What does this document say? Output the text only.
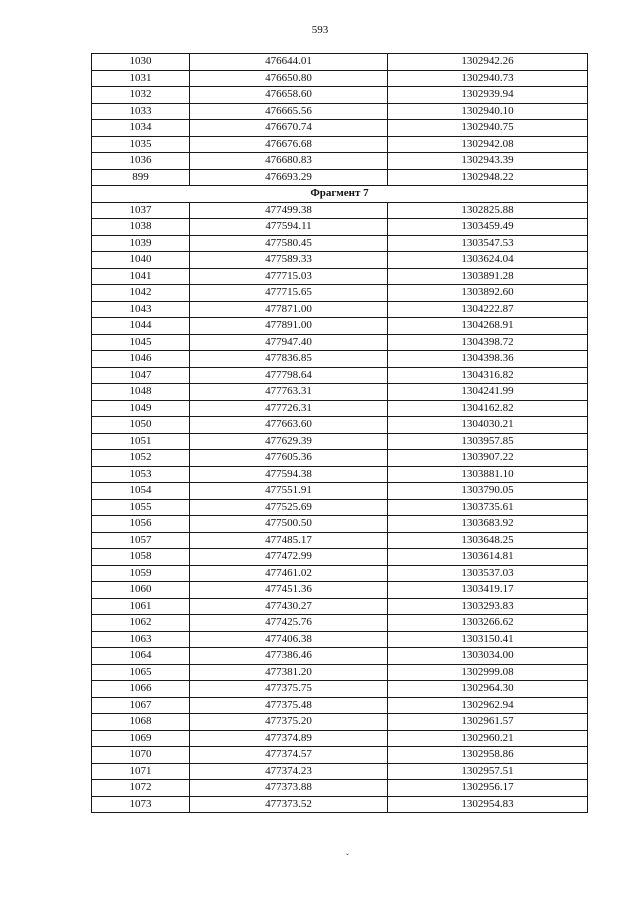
593
1030	476644.01	1302942.26
1031	476650.80	1302940.73
1032	476658.60	1302939.94
1033	476665.56	1302940.10
1034	476670.74	1302940.75
1035	476676.68	1302942.08
1036	476680.83	1302943.39
899	476693.29	1302948.22
Фрагмент 7		
1037	477499.38	1302825.88
1038	477594.11	1303459.49
1039	477580.45	1303547.53
1040	477589.33	1303624.04
1041	477715.03	1303891.28
1042	477715.65	1303892.60
1043	477871.00	1304222.87
1044	477891.00	1304268.91
1045	477947.40	1304398.72
1046	477836.85	1304398.36
1047	477798.64	1304316.82
1048	477763.31	1304241.99
1049	477726.31	1304162.82
1050	477663.60	1304030.21
1051	477629.39	1303957.85
1052	477605.36	1303907.22
1053	477594.38	1303881.10
1054	477551.91	1303790.05
1055	477525.69	1303735.61
1056	477500.50	1303683.92
1057	477485.17	1303648.25
1058	477472.99	1303614.81
1059	477461.02	1303537.03
1060	477451.36	1303419.17
1061	477430.27	1303293.83
1062	477425.76	1303266.62
1063	477406.38	1303150.41
1064	477386.46	1303034.00
1065	477381.20	1302999.08
1066	477375.75	1302964.30
1067	477375.48	1302962.94
1068	477375.20	1302961.57
1069	477374.89	1302960.21
1070	477374.57	1302958.86
1071	477374.23	1302957.51
1072	477373.88	1302956.17
1073	477373.52	1302954.83
ˇ
